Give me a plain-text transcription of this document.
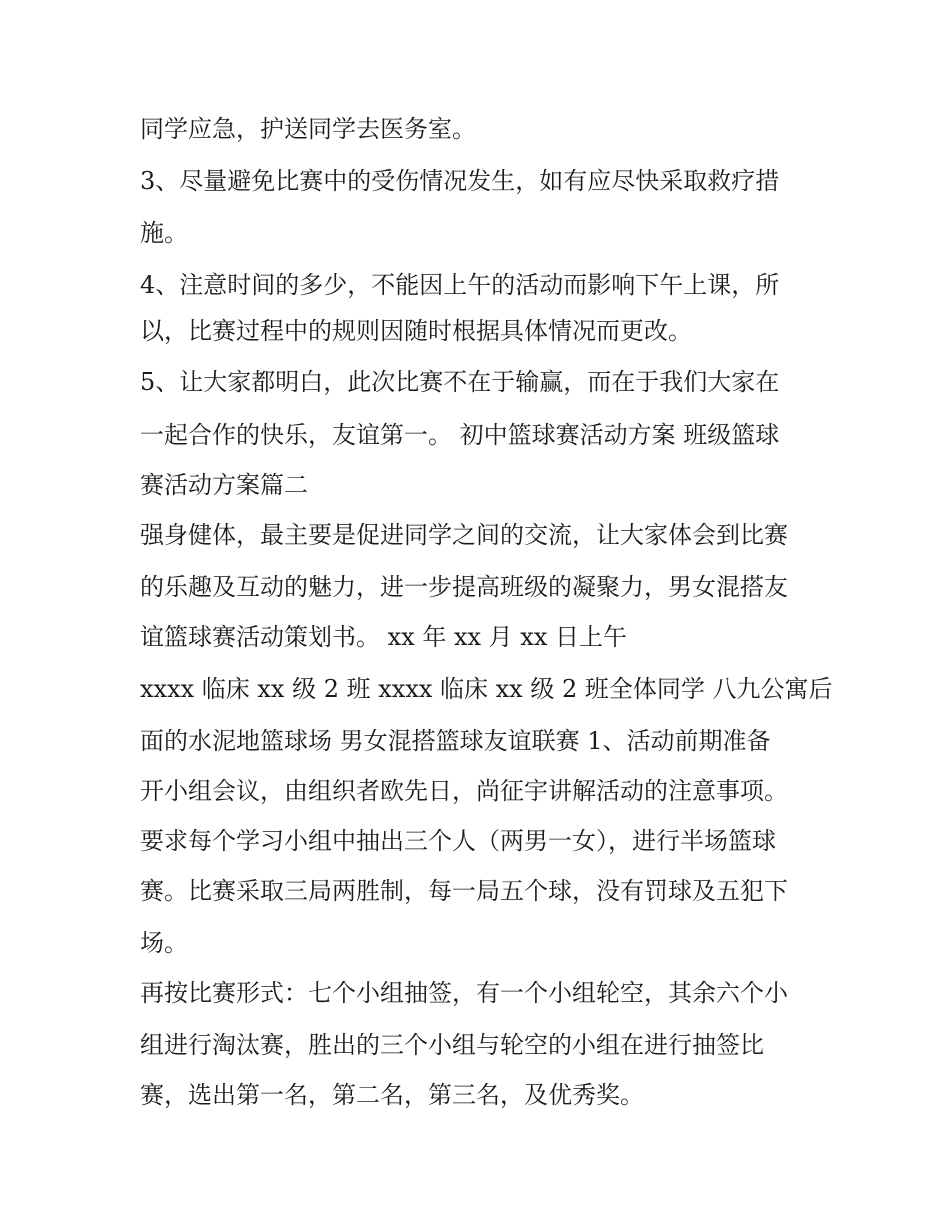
同学应急，护送同学去医务室。

3、尽量避免比赛中的受伤情况发生，如有应尽快采取救疗措

施。

4、注意时间的多少，不能因上午的活动而影响下午上课，所

以，比赛过程中的规则因随时根据具体情况而更改。

5、让大家都明白，此次比赛不在于输赢，而在于我们大家在

一起合作的快乐，友谊第一。 初中篮球赛活动方案 班级篮球

赛活动方案篇二

强身健体，最主要是促进同学之间的交流，让大家体会到比赛

的乐趣及互动的魅力，进一步提高班级的凝聚力，男女混搭友

谊篮球赛活动策划书。 xx 年 xx 月 xx 日上午

xxxx 临床 xx 级 2 班 xxxx 临床 xx 级 2 班全体同学 八九公寓后

面的水泥地篮球场 男女混搭篮球友谊联赛 1、活动前期准备

开小组会议，由组织者欧先日，尚征宇讲解活动的注意事项。

要求每个学习小组中抽出三个人（两男一女），进行半场篮球

赛。比赛采取三局两胜制，每一局五个球，没有罚球及五犯下

场。

再按比赛形式：七个小组抽签，有一个小组轮空，其余六个小

组进行淘汰赛，胜出的三个小组与轮空的小组在进行抽签比

赛，选出第一名，第二名，第三名，及优秀奖。
